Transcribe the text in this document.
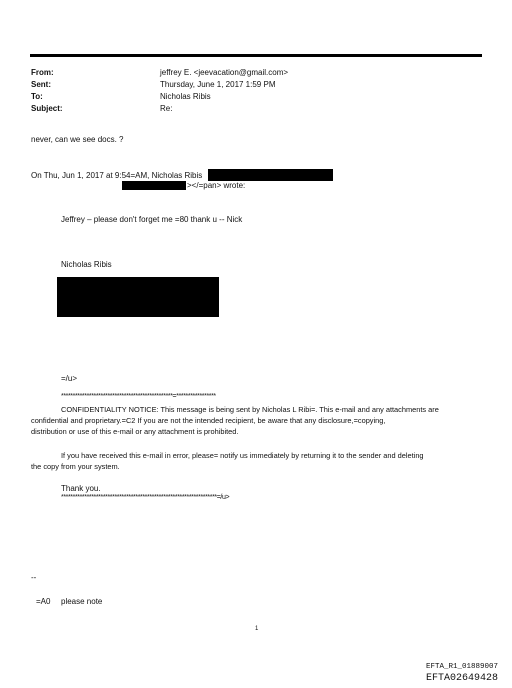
From:	jeffrey E. <jeevacation@gmail.com>
Sent:	Thursday, June 1, 2017 1:59 PM
To:	Nicholas Ribis
Subject:	Re:
never, can we see docs. ?
On Thu, Jun 1, 2017 at 9:54=AM, Nicholas Ribis
></=pan> wrote:
Jeffrey – please don't forget me =80 thank u -- Nick
Nicholas Ribis
=/u>
************************************************=*****************
CONFIDENTIALITY NOTICE: This message is being sent by Nicholas L Ribi=. This e-mail and any attachments are
confidential and proprietary.=C2 If you are not the intended recipient, be aware that any disclosure,=copying,
distribution or use of this e-mail or any attachment is prohibited.
If you have received this e-mail in error, please= notify us immediately by returning it to the sender and deleting
the copy from your system.
Thank you.
*******************************************************************=/u>
--
=A0 please note
1
EFTA_R1_01889007
EFTA02649428
